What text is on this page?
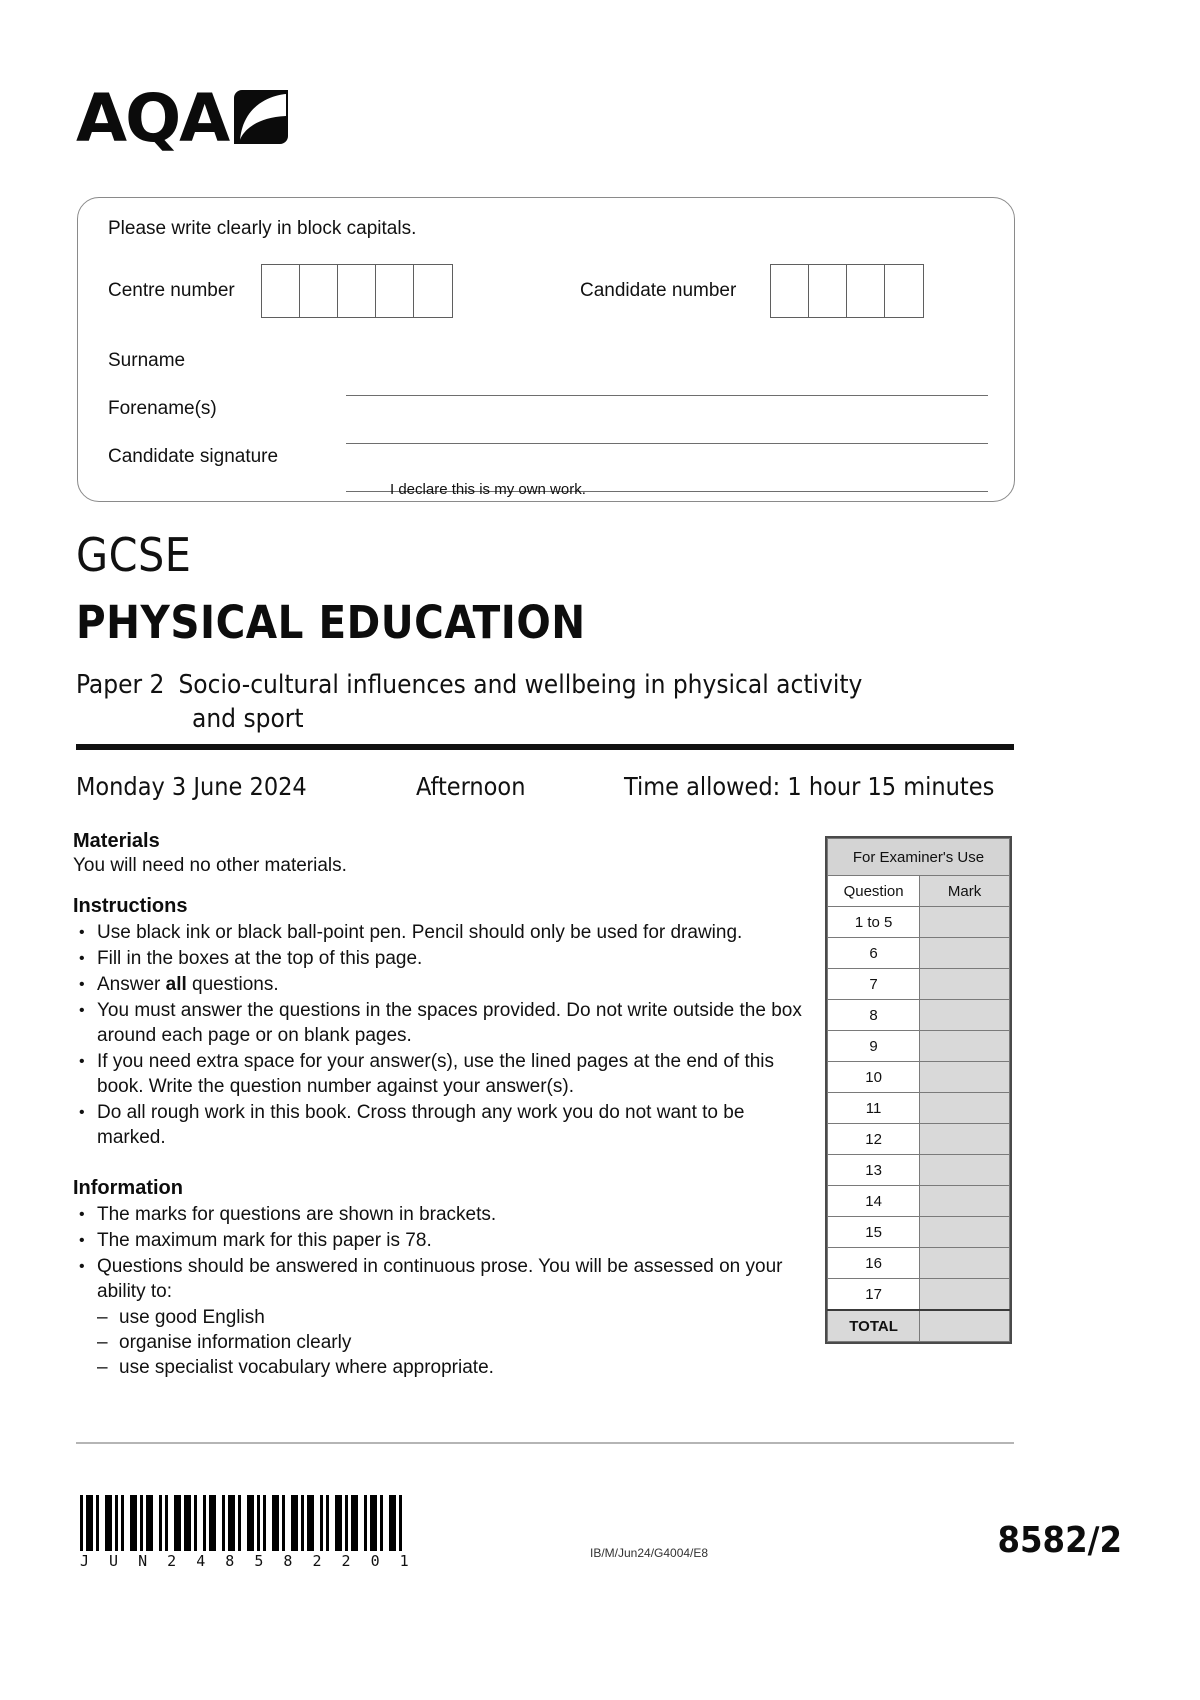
AQA
Please write clearly in block capitals.
Centre number	Candidate number
Surname
Forename(s)
Candidate signature
I declare this is my own work.
GCSE
PHYSICAL EDUCATION
Paper 2 Socio-cultural influences and wellbeing in physical activity
and sport
Monday 3 June 2024	Afternoon	Time allowed: 1 hour 15 minutes
Materials

You will need no other materials.

Instructions
• Use black ink or black ball-point pen. Pencil should only be used for drawing.
• Fill in the boxes at the top of this page.
• Answer all questions.
• You must answer the questions in the spaces provided. Do not write outside the box around each page or on blank pages.
• If you need extra space for your answer(s), use the lined pages at the end of this book. Write the question number against your answer(s).
• Do all rough work in this book. Cross through any work you do not want to be marked.
Information
• The marks for questions are shown in brackets.
• The maximum mark for this paper is 78.
• Questions should be answered in continuous prose. You will be assessed on your ability to:
– use good English
– organise information clearly
– use specialist vocabulary where appropriate.
For Examiner's Use	
Question	Mark
1 to 5	
6	
7	
8	
9	
10	
11	
12	
13	
14	
15	
16	
17	
TOTAL	
J U N 2 4 8 5 8 2 2 0 1	IB/M/Jun24/G4004/E8	8582/2
